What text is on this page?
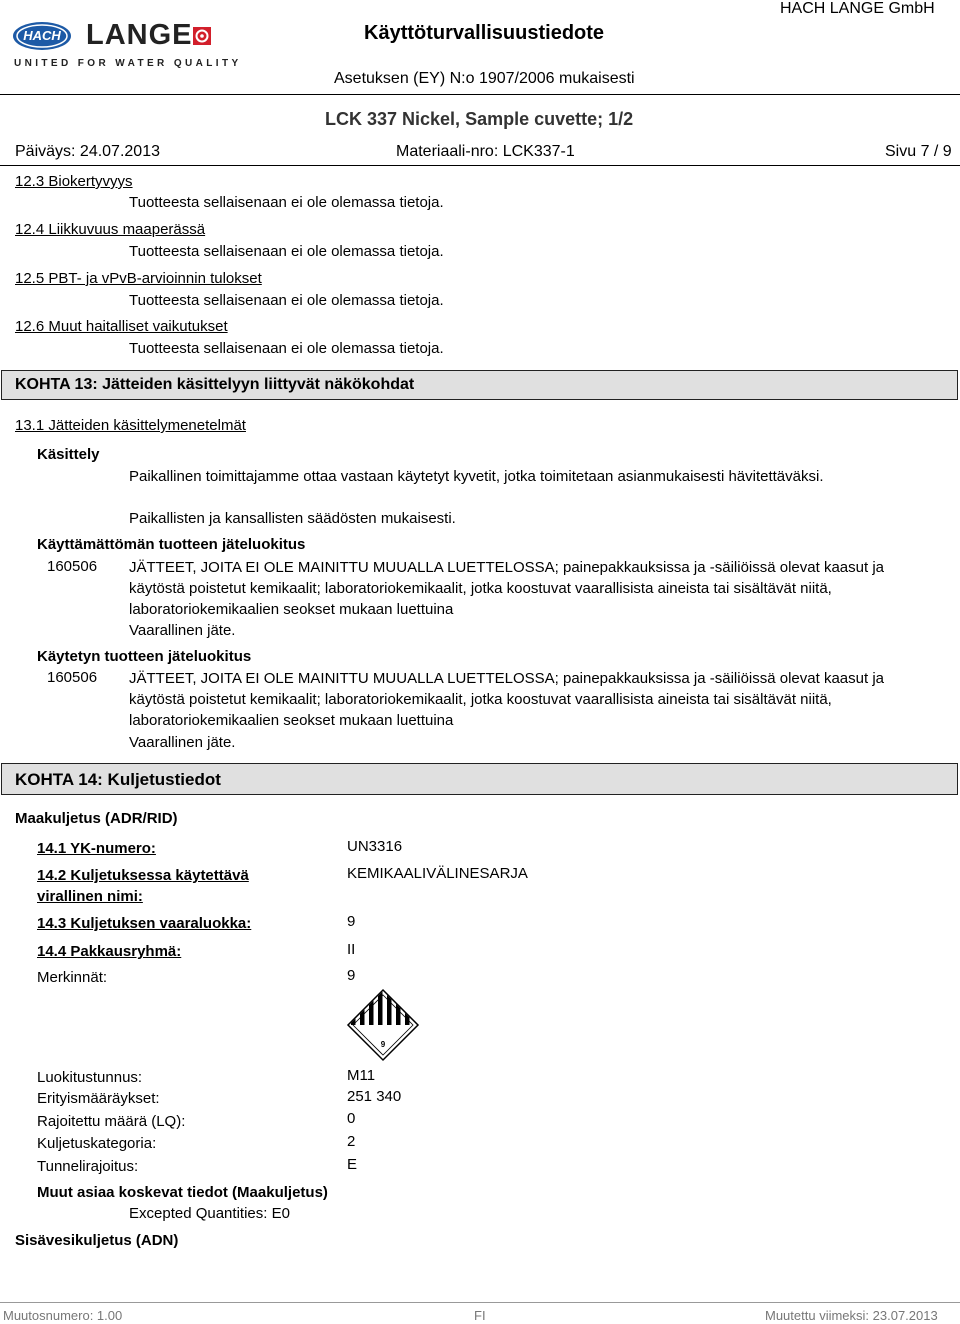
HACH LANGE
UNITED FOR WATER QUALITY
Käyttöturvallisuustiedote
HACH LANGE GmbH
Asetuksen (EY) N:o 1907/2006 mukaisesti
LCK 337 Nickel, Sample cuvette; 1/2
Päiväys: 24.07.2013	Materiaali-nro: LCK337-1	Sivu 7 / 9
12.3 Biokertyvyys
Tuotteesta sellaisenaan ei ole olemassa tietoja.
12.4 Liikkuvuus maaperässä
Tuotteesta sellaisenaan ei ole olemassa tietoja.
12.5 PBT- ja vPvB-arvioinnin tulokset
Tuotteesta sellaisenaan ei ole olemassa tietoja.
12.6 Muut haitalliset vaikutukset
Tuotteesta sellaisenaan ei ole olemassa tietoja.
KOHTA 13: Jätteiden käsittelyyn liittyvät näkökohdat
13.1 Jätteiden käsittelymenetelmät
Käsittely
Paikallinen toimittajamme ottaa vastaan käytetyt kyvetit, jotka toimitetaan asianmukaisesti hävitettäväksi.
Paikallisten ja kansallisten säädösten mukaisesti.
Käyttämättömän tuotteen jäteluokitus
160506 JÄTTEET, JOITA EI OLE MAINITTU MUUALLA LUETTELOSSA; painepakkauksissa ja -säiliöissä olevat kaasut ja käytöstä poistetut kemikaalit; laboratoriokemikaalit, jotka koostuvat vaarallisista aineista tai sisältävät niitä, laboratoriokemikaalien seokset mukaan luettuina
Vaarallinen jäte.
Käytetyn tuotteen jäteluokitus
160506 JÄTTEET, JOITA EI OLE MAINITTU MUUALLA LUETTELOSSA; painepakkauksissa ja -säiliöissä olevat kaasut ja käytöstä poistetut kemikaalit; laboratoriokemikaalit, jotka koostuvat vaarallisista aineista tai sisältävät niitä, laboratoriokemikaalien seokset mukaan luettuina
Vaarallinen jäte.
KOHTA 14: Kuljetustiedot
Maakuljetus (ADR/RID)
14.1 YK-numero:	UN3316
14.2 Kuljetuksessa käytettävä
virallinen nimi:
KEMIKAALIVÄLINESARJA
14.3 Kuljetuksen vaaraluokka:	9
14.4 Pakkausryhmä:	II
Merkinnät:	9
9
Luokitustunnus:	M11
Erityismääräykset:	251 340
Rajoitettu määrä (LQ):	0
Kuljetuskategoria:	2
Tunnelirajoitus:	E
Muut asiaa koskevat tiedot (Maakuljetus)
Excepted Quantities: E0
Sisävesikuljetus (ADN)
Muutosnumero: 1.00	FI	Muutettu viimeksi: 23.07.2013
